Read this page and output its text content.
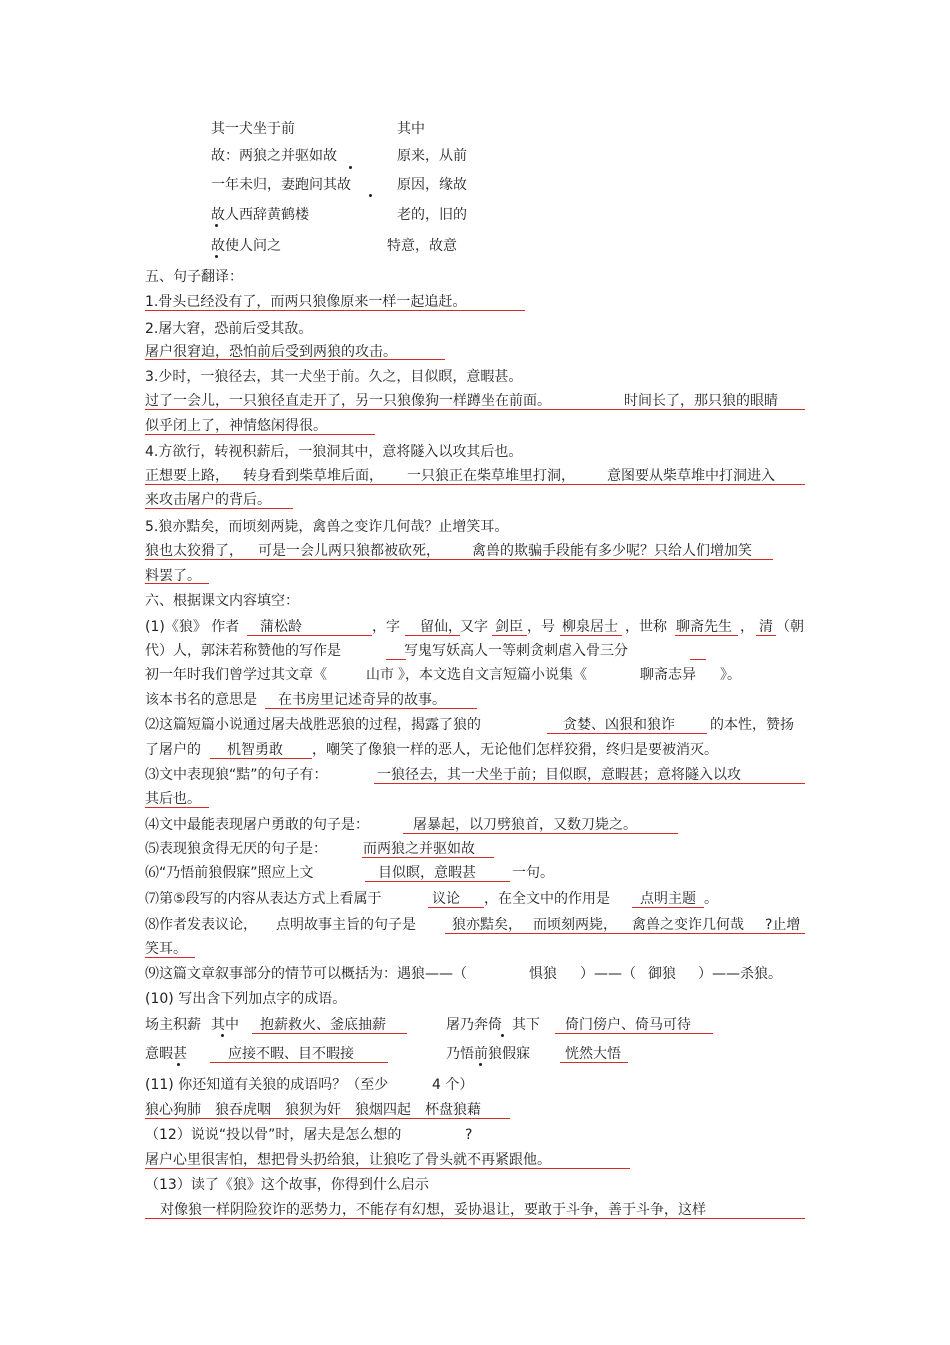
其一犬坐于前	其中
故：两狼之并驱如故	原来，从前
一年未归，妻跑问其故	原因，缘故
故人西辞黄鹤楼	老的，旧的
故使人问之	特意，故意
五、句子翻译：
1.骨头已经没有了，而两只狼像原来一样一起追赶。
2.屠大窘，恐前后受其敌。
屠户很窘迫，恐怕前后受到两狼的攻击。
3.少时，一狼径去，其一犬坐于前。久之，目似瞑，意暇甚。
过了一会儿，一只狼径直走开了，另一只狼像狗一样蹲坐在前面。	时间长了，那只狼的眼睛
似乎闭上了，神情悠闲得很。
4.方欲行，转视积薪后，一狼洞其中，意将隧入以攻其后也。
正想要上路， 转身看到柴草堆后面， 一只狼正在柴草堆里打洞， 意图要从柴草堆中打洞进入
来攻击屠户的背后。
5.狼亦黠矣，而顷刻两毙，禽兽之变诈几何哉？止增笑耳。
狼也太狡猾了， 可是一会儿两只狼都被砍死， 禽兽的欺骗手段能有多少呢？只给人们增加笑
料罢了。
六、根据课文内容填空：
(1)《狼》 作者 蒲松龄	，字 留仙，
又字 剑臣 ，号 柳泉居士 ，世称 聊斋先生 ， 清 （朝
代）人，郭沫若称赞他的写作是	写鬼写妖高人一等刺贪刺虐入骨三分
初一年时我们曾学过其文章《	山市 》，本文选自文言短篇小说集《	聊斋志异 》。
该本书名的意思是 在书房里记述奇异的故事。
⑵这篇短篇小说通过屠夫战胜恶狼的过程，揭露了狼的	贪婪、凶狠和狼诈	的本性，赞扬
了屠户的 机智勇敢 ，嘲笑了像狼一样的恶人，无论他们怎样狡猾，终归是要被消灭。
⑶文中表现狼“黠”的句子有：	一狼径去，其一犬坐于前；目似瞑，意暇甚；意将隧入以攻
其后也。
⑷文中最能表现屠户勇敢的句子是：	屠暴起，以刀劈狼首，又数刀毙之。
⑸表现狼贪得无厌的句子是：	而两狼之并驱如故
⑹“乃悟前狼假寐”照应上文	目似瞑，意暇甚	一句。
⑺第⑤段写的内容从表达方式上看属于	议论 ，在全文中的作用是 点明主题 。
⑻作者发表议论， 点明故事主旨的句子是	狼亦黠矣， 而顷刻两毙， 禽兽之变诈几何哉 ?止增
笑耳。
⑼这篇文章叙事部分的情节可以概括为：遇狼——（	惧狼 ）——（ 御狼 ）——杀狼。
(10) 写出含下列加点字的成语。
场主积薪 其中 抱薪救火、釜底抽薪	屠乃奔倚 其下 倚门傍户、倚马可待
意暇甚	应接不暇、目不暇接	乃悟前狼假寐	恍然大悟
(11) 你还知道有关狼的成语吗？（至少	4 个）
狼心狗肺　狼吞虎咽　狼狈为奸　狼烟四起　杯盘狼藉
（12）说说“投以骨”时，屠夫是怎么想的	?
屠户心里很害怕，想把骨头扔给狼，让狼吃了骨头就不再紧跟他。
（13）读了《狼》这个故事，你得到什么启示
对像狼一样阴险狡诈的恶势力，不能存有幻想，妥协退让，要敢于斗争，善于斗争，这样
